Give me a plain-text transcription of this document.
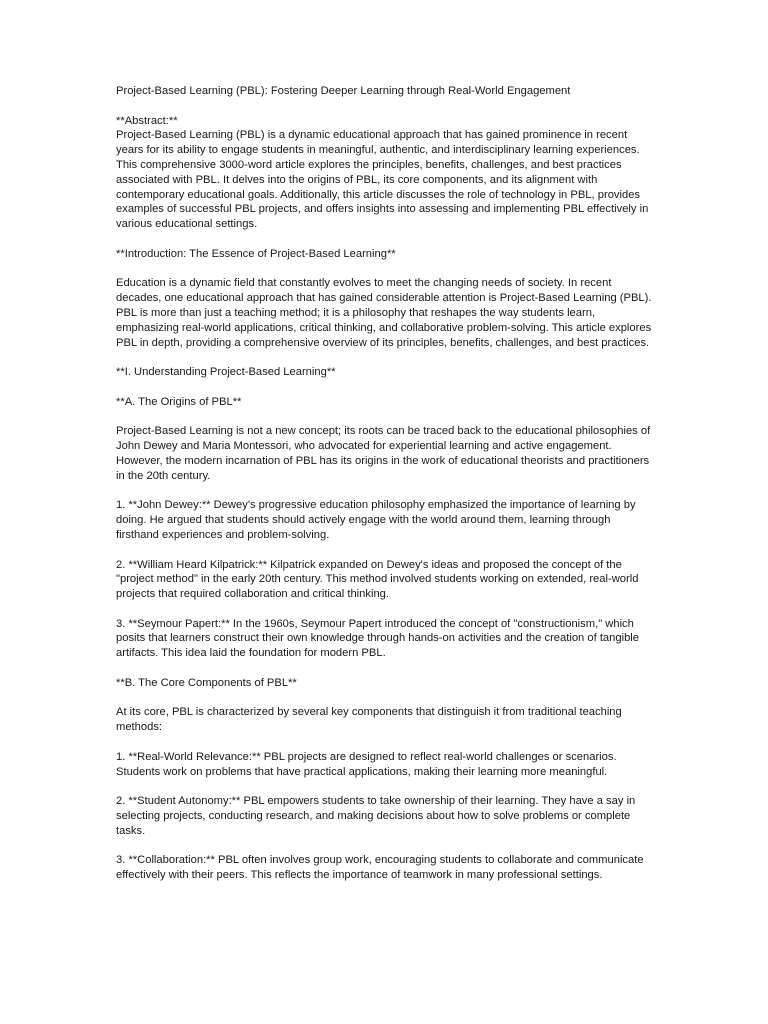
Project-Based Learning (PBL): Fostering Deeper Learning through Real-World Engagement

**Abstract:**

Project-Based Learning (PBL) is a dynamic educational approach that has gained prominence in recent years for its ability to engage students in meaningful, authentic, and interdisciplinary learning experiences. This comprehensive 3000-word article explores the principles, benefits, challenges, and best practices associated with PBL. It delves into the origins of PBL, its core components, and its alignment with contemporary educational goals. Additionally, this article discusses the role of technology in PBL, provides examples of successful PBL projects, and offers insights into assessing and implementing PBL effectively in various educational settings.

**Introduction: The Essence of Project-Based Learning**

Education is a dynamic field that constantly evolves to meet the changing needs of society. In recent decades, one educational approach that has gained considerable attention is Project-Based Learning (PBL). PBL is more than just a teaching method; it is a philosophy that reshapes the way students learn, emphasizing real-world applications, critical thinking, and collaborative problem-solving. This article explores PBL in depth, providing a comprehensive overview of its principles, benefits, challenges, and best practices.

**I. Understanding Project-Based Learning**

**A. The Origins of PBL**

Project-Based Learning is not a new concept; its roots can be traced back to the educational philosophies of John Dewey and Maria Montessori, who advocated for experiential learning and active engagement. However, the modern incarnation of PBL has its origins in the work of educational theorists and practitioners in the 20th century.

1. **John Dewey:** Dewey's progressive education philosophy emphasized the importance of learning by doing. He argued that students should actively engage with the world around them, learning through firsthand experiences and problem-solving.

2. **William Heard Kilpatrick:** Kilpatrick expanded on Dewey's ideas and proposed the concept of the "project method" in the early 20th century. This method involved students working on extended, real-world projects that required collaboration and critical thinking.

3. **Seymour Papert:** In the 1960s, Seymour Papert introduced the concept of "constructionism," which posits that learners construct their own knowledge through hands-on activities and the creation of tangible artifacts. This idea laid the foundation for modern PBL.

**B. The Core Components of PBL**

At its core, PBL is characterized by several key components that distinguish it from traditional teaching methods:

1. **Real-World Relevance:** PBL projects are designed to reflect real-world challenges or scenarios. Students work on problems that have practical applications, making their learning more meaningful.

2. **Student Autonomy:** PBL empowers students to take ownership of their learning. They have a say in selecting projects, conducting research, and making decisions about how to solve problems or complete tasks.

3. **Collaboration:** PBL often involves group work, encouraging students to collaborate and communicate effectively with their peers. This reflects the importance of teamwork in many professional settings.
